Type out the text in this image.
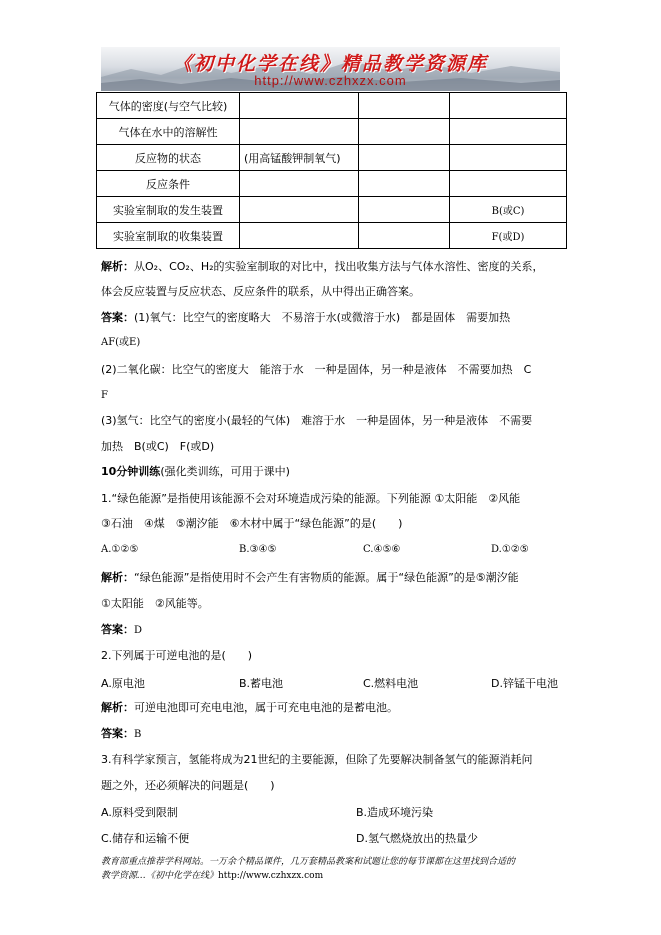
《初中化学在线》精品教学资源库
http://www.czhxzx.com
气体的密度(与空气比较)			
气体在水中的溶解性			
反应物的状态	(用高锰酸钾制氧气)		
反应条件			
实验室制取的发生装置			B(或C)
实验室制取的收集装置			F(或D)
解析：从O₂、CO₂、H₂的实验室制取的对比中，找出收集方法与气体水溶性、密度的关系，
体会反应装置与反应状态、反应条件的联系，从中得出正确答案。
答案：(1)氧气：比空气的密度略大　不易溶于水(或微溶于水)　都是固体　需要加热
AF(或E)
(2)二氧化碳：比空气的密度大　能溶于水　一种是固体，另一种是液体　不需要加热　C
F
(3)氢气：比空气的密度小(最轻的气体)　难溶于水　一种是固体，另一种是液体　不需要
加热　B(或C)　F(或D)
10分钟训练(强化类训练，可用于课中)
1.“绿色能源”是指使用该能源不会对环境造成污染的能源。下列能源 ①太阳能　②风能
③石油　④煤　⑤潮汐能　⑥木材中属于“绿色能源”的是(　　)
A.①②⑤	B.③④⑤	C.④⑤⑥	D.①②⑤
解析：“绿色能源”是指使用时不会产生有害物质的能源。属于“绿色能源”的是⑤潮汐能
①太阳能　②风能等。
答案：D
2.下列属于可逆电池的是(　　)
A.原电池	B.蓄电池	C.燃料电池	D.锌锰干电池
解析：可逆电池即可充电电池，属于可充电电池的是蓄电池。
答案：B
3.有科学家预言，氢能将成为21世纪的主要能源，但除了先要解决制备氢气的能源消耗问
题之外，还必须解决的问题是(　　)
A.原料受到限制	B.造成环境污染
C.储存和运输不便	D.氢气燃烧放出的热量少
教育部重点推荐学科网站。一万余个精品课件，几万套精品教案和试题让您的每节课都在这里找到合适的
教学资源…《初中化学在线》http://www.czhxzx.com
